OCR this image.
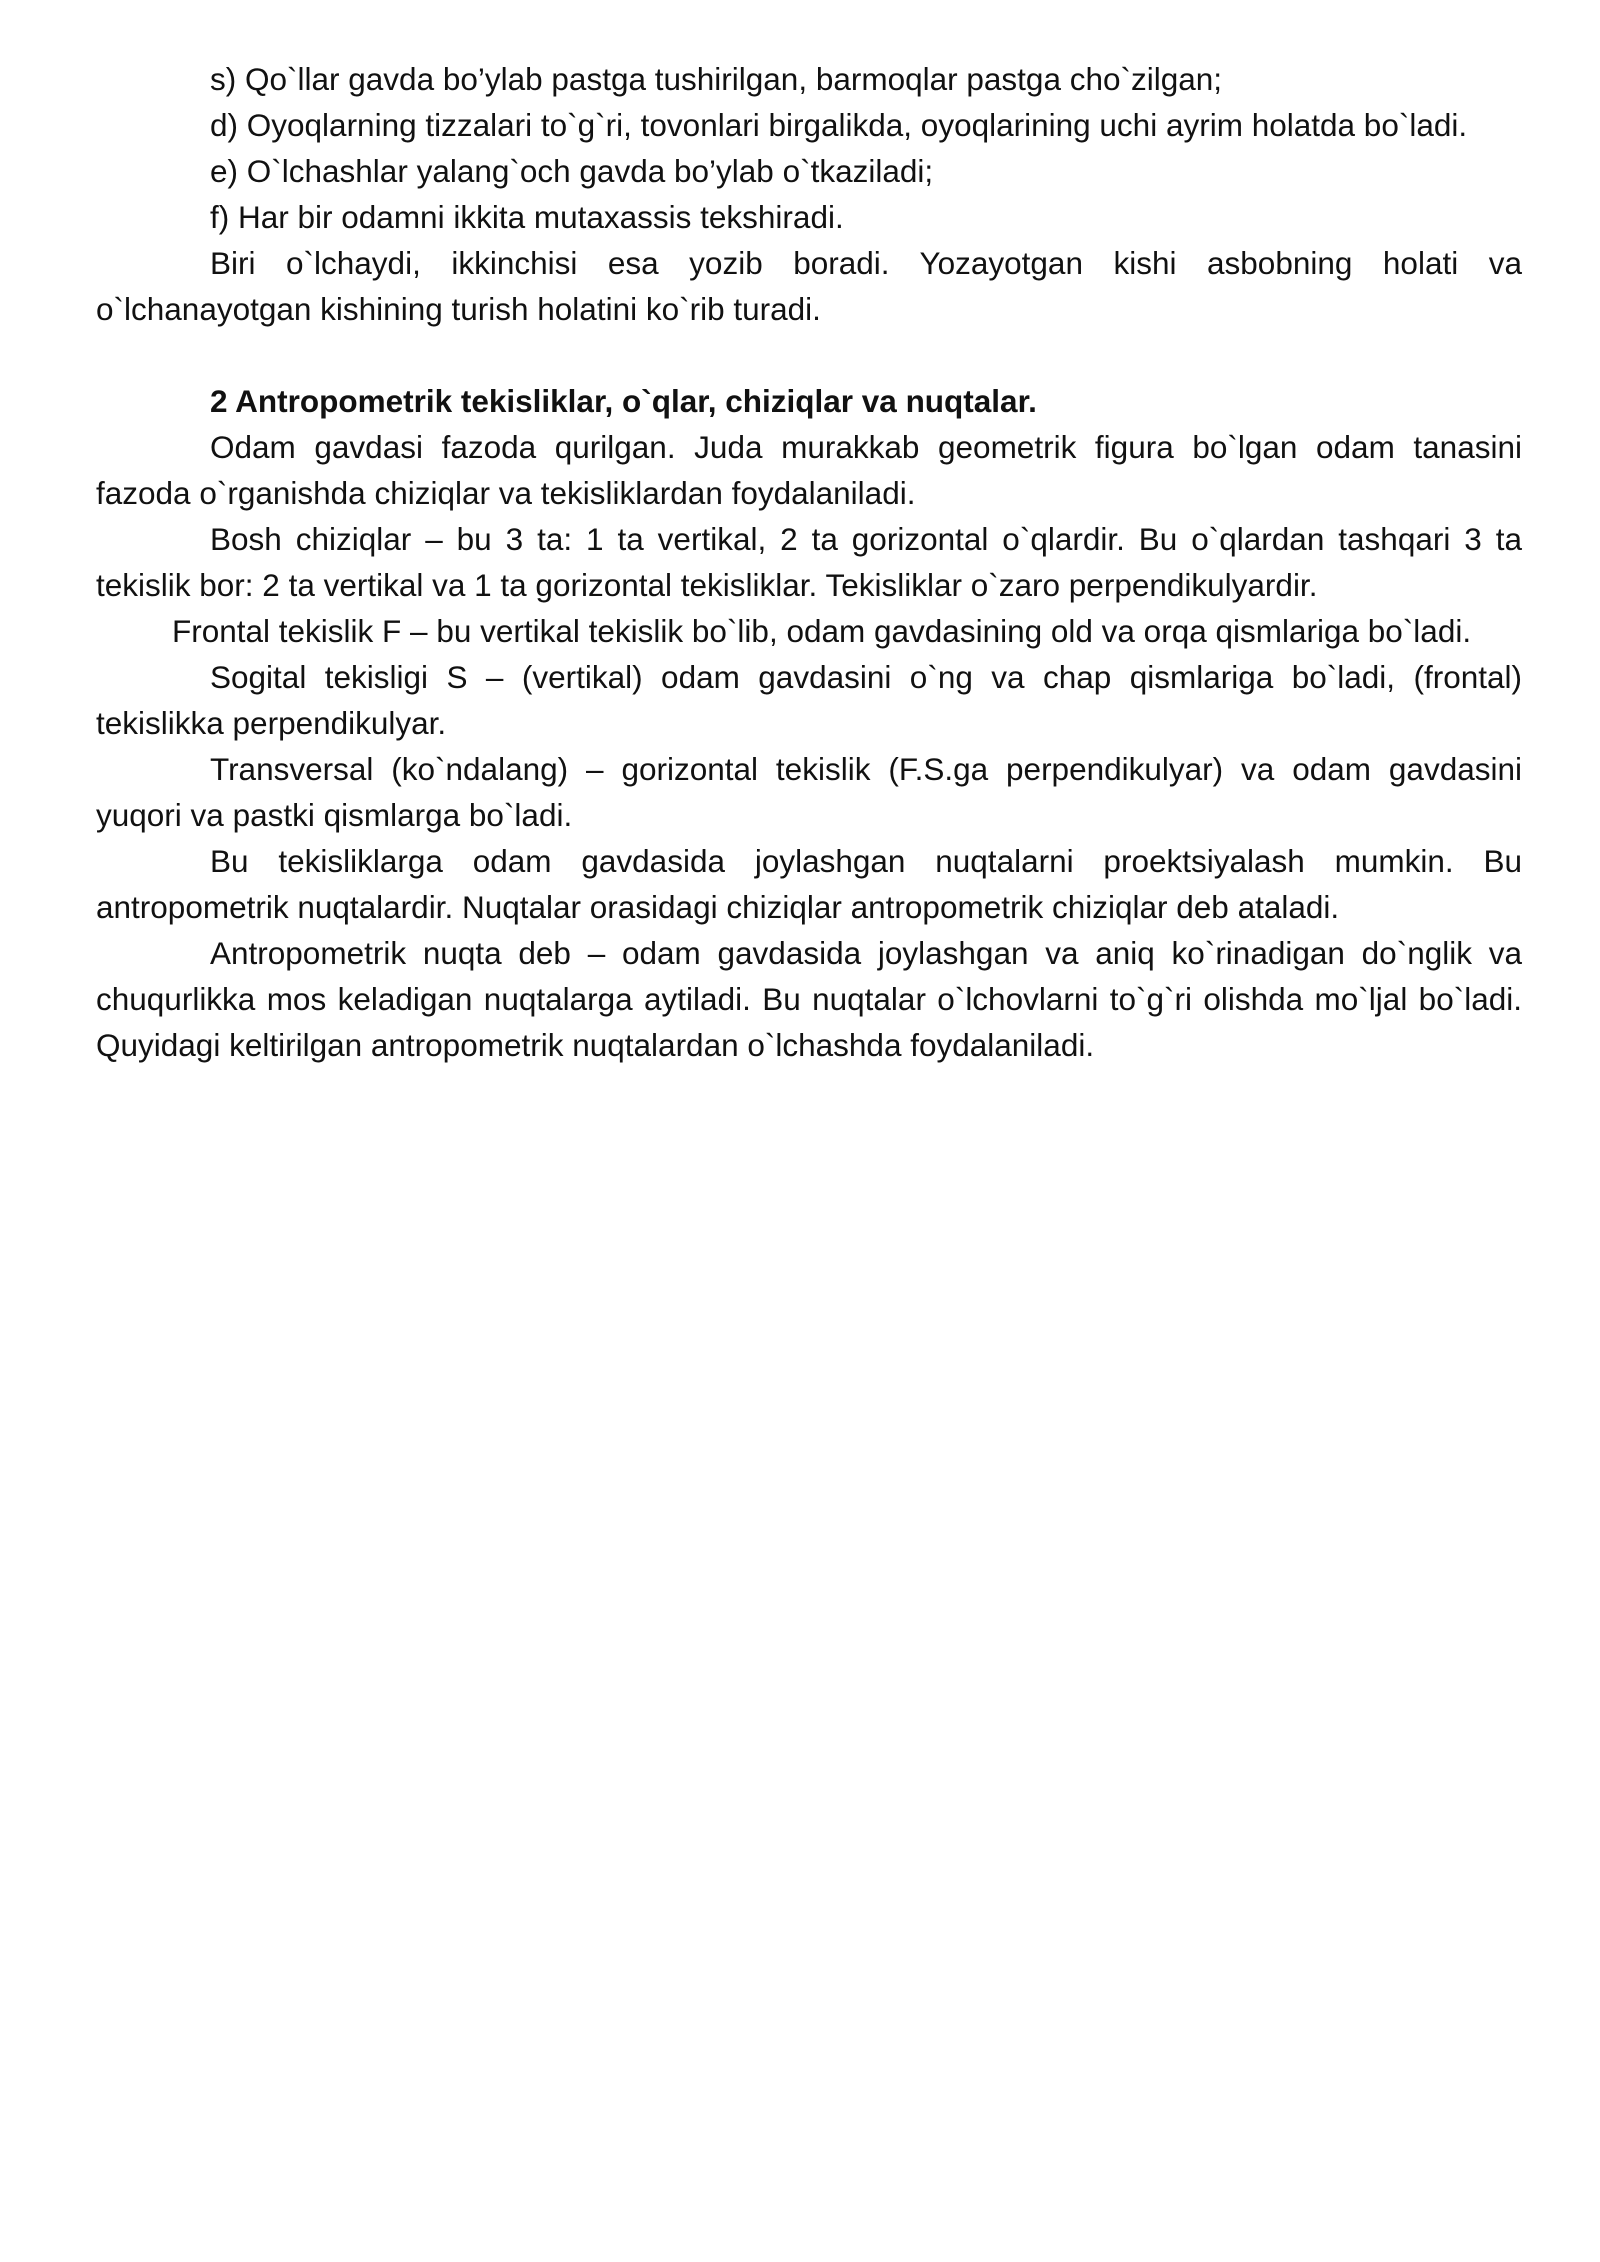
s) Qo`llar gavda bo’ylab pastga tushirilgan, barmoqlar pastga cho`zilgan;

d) Oyoqlarning tizzalari to`g`ri, tovonlari birgalikda, oyoqlarining uchi ayrim holatda bo`ladi.

e) O`lchashlar yalang`och gavda bo’ylab o`tkaziladi;

f) Har bir odamni ikkita mutaxassis tekshiradi.

Biri o`lchaydi, ikkinchisi esa yozib boradi. Yozayotgan kishi asbobning holati va o`lchanayotgan kishining turish holatini ko`rib turadi.

2 Antropometrik tekisliklar, o`qlar, chiziqlar va nuqtalar.

Odam gavdasi fazoda qurilgan. Juda murakkab geometrik figura bo`lgan odam tanasini fazoda o`rganishda chiziqlar va tekisliklardan foydalaniladi.

Bosh chiziqlar – bu 3 ta: 1 ta vertikal, 2 ta gorizontal o`qlardir. Bu o`qlardan tashqari 3 ta tekislik bor: 2 ta vertikal va 1 ta gorizontal tekisliklar. Tekisliklar o`zaro perpendikulyardir.

Frontal tekislik F – bu vertikal tekislik bo`lib, odam gavdasining old va orqa qismlariga bo`ladi.

Sogital tekisligi S – (vertikal) odam gavdasini o`ng va chap qismlariga bo`ladi, (frontal) tekislikka perpendikulyar.

Transversal (ko`ndalang) – gorizontal tekislik (F.S.ga perpendikulyar) va odam gavdasini yuqori va pastki qismlarga bo`ladi.

Bu tekisliklarga odam gavdasida joylashgan nuqtalarni proektsiyalash mumkin. Bu antropometrik nuqtalardir. Nuqtalar orasidagi chiziqlar antropometrik chiziqlar deb ataladi.

Antropometrik nuqta deb – odam gavdasida joylashgan va aniq ko`rinadigan do`nglik va chuqurlikka mos keladigan nuqtalarga aytiladi. Bu nuqtalar o`lchovlarni to`g`ri olishda mo`ljal bo`ladi. Quyidagi keltirilgan antropometrik nuqtalardan o`lchashda foydalaniladi.
